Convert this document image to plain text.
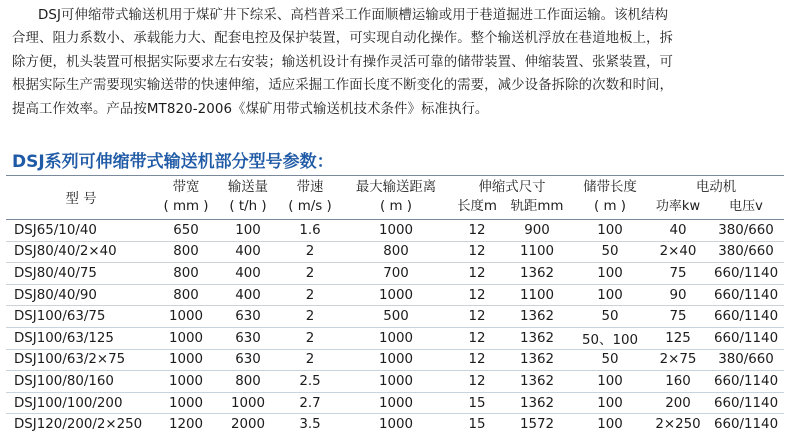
DSJ可伸缩带式输送机用于煤矿井下综采、高档普采工作面顺槽运输或用于巷道掘进工作面运输。该机结构

合理、阻力系数小、承载能力大、配套电控及保护装置，可实现自动化操作。整个输送机浮放在巷道地板上，拆

除方便，机头装置可根据实际要求左右安装；输送机设计有操作灵活可靠的储带装置、伸缩装置、张紧装置，可

根据实际生产需要现实输送带的快速伸缩，适应采掘工作面长度不断变化的需要，减少设备拆除的次数和时间，

提高工作效率。产品按MT820-2006《煤矿用带式输送机技术条件》标准执行。

DSJ系列可伸缩带式输送机部分型号参数：
型 号	带宽	输送量	带速	最大输送距离	伸缩式尺寸		储带长度	电动机	
	( mm )	( t/h )	( m/s )	( m )	长度m	轨距mm	( m )	功率kw	电压v
DSJ65/10/40	650	100	1.6	1000	12	900	100	40	380/660
DSJ80/40/2×40	800	400	2	800	12	1100	50	2×40	380/660
DSJ80/40/75	800	400	2	700	12	1362	100	75	660/1140
DSJ80/40/90	800	400	2	1000	12	1100	100	90	660/1140
DSJ100/63/75	1000	630	2	500	12	1362	50	75	660/1140
DSJ100/63/125	1000	630	2	1000	12	1362	50、100	125	660/1140
DSJ100/63/2×75	1000	630	2	1000	12	1362	50	2×75	380/660
DSJ100/80/160	1000	800	2.5	1000	12	1362	100	160	660/1140
DSJ100/100/200	1000	1000	2.7	1000	15	1362	100	200	660/1140
DSJ120/200/2×250	1200	2000	3.5	1000	15	1572	100	2×250	660/1140
